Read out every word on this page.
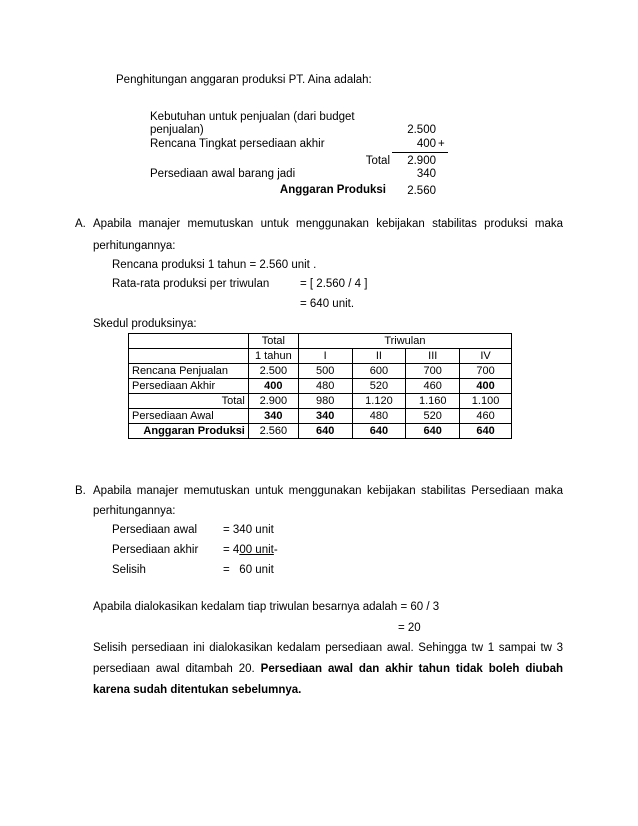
Penghitungan anggaran produksi PT. Aina adalah:
Kebutuhan untuk penjualan (dari budget
penjualan)	2.500
Rencana Tingkat persediaan akhir	400 +
Total	2.900
Persediaan awal barang jadi	340
Anggaran Produksi	2.560
A. Apabila manajer memutuskan untuk menggunakan kebijakan stabilitas produksi maka
perhitungannya:
Rencana produksi 1 tahun = 2.560 unit .
Rata-rata produksi per triwulan	= [ 2.560 / 4 ]
= 640 unit.
Skedul produksinya:
	Total	Triwulan			
	1 tahun	I	II	III	IV
Rencana Penjualan	2.500	500	600	700	700
Persediaan Akhir	400	480	520	460	400
Total	2.900	980	1.120	1.160	1.100
Persediaan Awal	340	340	480	520	460
Anggaran Produksi	2.560	640	640	640	640
B. Apabila manajer memutuskan untuk menggunakan kebijakan stabilitas Persediaan maka
perhitungannya:
Persediaan awal = 340 unit
Persediaan akhir = 400 unit-
Selisih	=   60 unit
Apabila dialokasikan kedalam tiap triwulan besarnya adalah = 60 / 3
= 20
Selisih persediaan ini dialokasikan kedalam persediaan awal. Sehingga tw 1 sampai tw 3
persediaan awal ditambah 20. Persediaan awal dan akhir tahun tidak boleh diubah
karena sudah ditentukan sebelumnya.
